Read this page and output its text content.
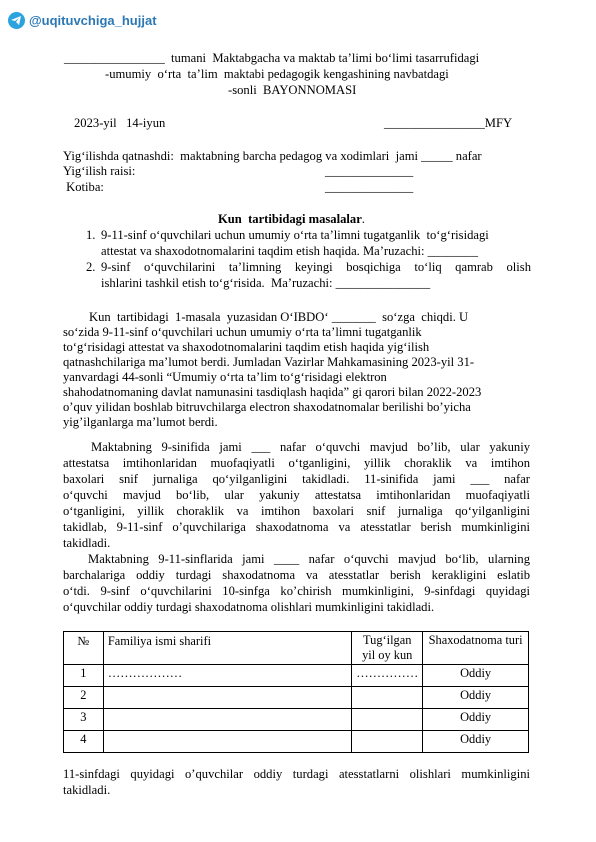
@uqituvchiga_hujjat
________________ tumani  Maktabgacha va maktab ta’limi bo‘limi tasarrufidagi
-umumiy  o‘rta  ta’lim  maktabi pedagogik kengashining navbatdagi
-sonli  BAYONNOMASI
2023-yil   14-iyun	________________MFY
Yig‘ilishda qatnashdi:  maktabning barcha pedagog va xodimlari  jami _____ nafar
Yig‘ilish raisi:	______________
Kotiba:	______________
Kun  tartibidagi masalalar.
1. 9-11-sinf o‘quvchilari uchun umumiy o‘rta ta’limni tugatganlik  to‘g‘risidagi
attestat va shaxodotnomalarini taqdim etish haqida. Ma’ruzachi: ________
2. 9-sinf o‘quvchilarini ta’limning keyingi bosqichiga to‘liq qamrab olish
ishlarini tashkil etish to‘g‘risida.  Ma’ruzachi: _______________
Kun  tartibidagi  1-masala  yuzasidan O‘IBDO‘ _______  so‘zga  chiqdi. U
so‘zida 9-11-sinf o‘quvchilari uchun umumiy o‘rta ta’limni tugatganlik
to‘g‘risidagi attestat va shaxodotnomalarini taqdim etish haqida yig‘ilish
qatnashchilariga ma’lumot berdi. Jumladan Vazirlar Mahkamasining 2023-yil 31-
yanvardagi 44-sonli “Umumiy o‘rta ta’lim to‘g‘risidagi elektron
shahodatnomaning davlat namunasini tasdiqlash haqida” gi qarori bilan 2022-2023
o’quv yilidan boshlab bitruvchilarga electron shaxodatnomalar berilishi bo’yicha
yig’ilganlarga ma’lumot berdi.
Maktabning 9-sinifida jami ___ nafar o‘quvchi mavjud bo’lib, ular yakuniy
attestatsa imtihonlaridan muofaqiyatli o‘tganligini, yillik choraklik va imtihon
baxolari snif jurnaliga qo‘yilganligini takidladi. 11-sinifida jami ___ nafar
o‘quvchi mavjud bo‘lib, ular yakuniy attestatsa imtihonlaridan muofaqiyatli
o‘tganligini, yillik choraklik va imtihon baxolari snif jurnaliga qo‘yilganligini
takidlab, 9-11-sinf o’quvchilariga shaxodatnoma va atesstatlar berish mumkinligini
takidladi.
Maktabning 9-11-sinflarida jami ____ nafar o‘quvchi mavjud bo‘lib, ularning
barchalariga oddiy turdagi shaxodatnoma va atesstatlar berish kerakligini eslatib
o‘tdi. 9-sinf o‘quvchilarini 10-sinfga ko’chirish mumkinligini, 9-sinfdagi quyidagi
o‘quvchilar oddiy turdagi shaxodatnoma olishlari mumkinligini takidladi.
№	Familiya ismi sharifi	Tug‘ilgan yil oy kun	Shaxodatnoma turi
1	………………	……………	Oddiy
2			Oddiy
3			Oddiy
4			Oddiy
11-sinfdagi quyidagi o’quvchilar oddiy turdagi atesstatlarni olishlari mumkinligini
takidladi.
